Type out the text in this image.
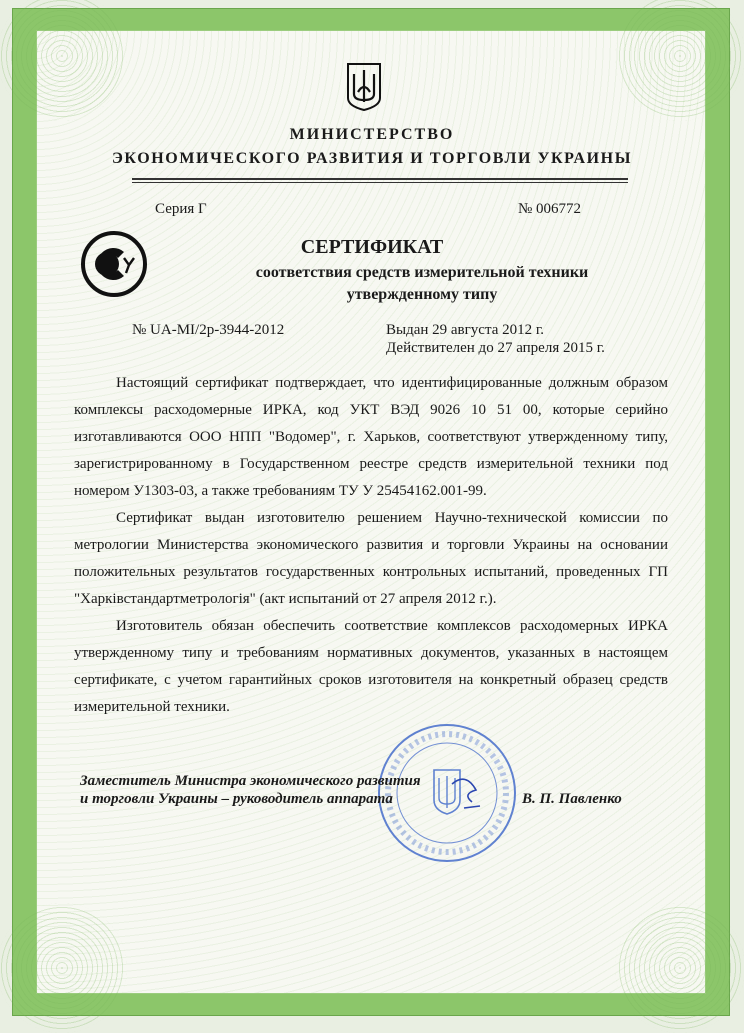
МИНИСТЕРСТВО
ЭКОНОМИЧЕСКОГО РАЗВИТИЯ И ТОРГОВЛИ УКРАИНЫ
Серия Г	№ 006772
СЕРТИФИКАТ
соответствия средств измерительной техники
утвержденному типу
№ UA-MI/2р-3944-2012	Выдан 29 августа 2012 г.
Действителен до 27 апреля 2015 г.

Настоящий сертификат подтверждает, что идентифицированные должным образом комплексы расходомерные ИРКА, код УКТ ВЭД 9026 10 51 00, которые серийно изготавливаются ООО НПП "Водомер", г. Харьков, соответствуют утвержденному типу, зарегистрированному в Государственном реестре средств измерительной техники под номером У1303-03, а также требованиям ТУ У 25454162.001-99.

Сертификат выдан изготовителю решением Научно-технической комиссии по метрологии Министерства экономического развития и торговли Украины на основании положительных результатов государственных контрольных испытаний, проведенных ГП "Харківстандартметрологія" (акт испытаний от 27 апреля 2012 г.).

Изготовитель обязан обеспечить соответствие комплексов расходомерных ИРКА утвержденному типу и требованиям нормативных документов, указанных в настоящем сертификате, с учетом гарантийных сроков изготовителя на конкретный образец средств измерительной техники.

Заместитель Министра экономического развития
и торговли Украины – руководитель аппарата	В. П. Павленко
